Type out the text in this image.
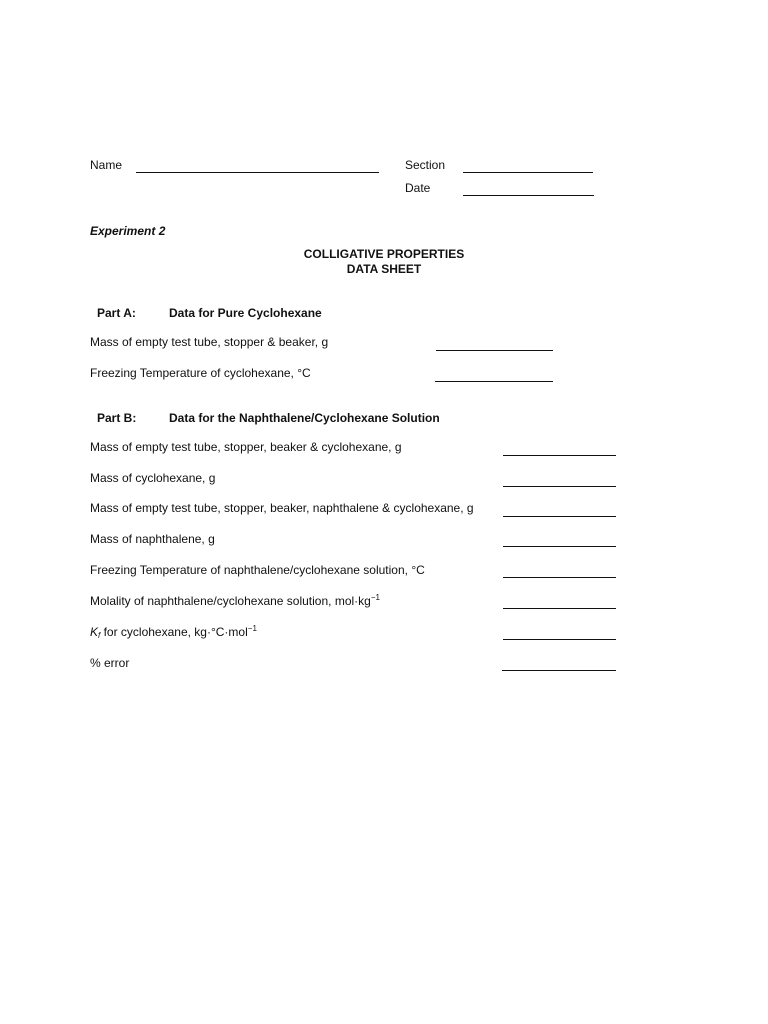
Name	Section
Date
Experiment 2
COLLIGATIVE PROPERTIES
DATA SHEET
Part A:	Data for Pure Cyclohexane
Mass of empty test tube, stopper & beaker, g
Freezing Temperature of cyclohexane, °C
Part B:	Data for the Naphthalene/Cyclohexane Solution
Mass of empty test tube, stopper, beaker & cyclohexane, g
Mass of cyclohexane, g
Mass of empty test tube, stopper, beaker, naphthalene & cyclohexane, g
Mass of naphthalene, g
Freezing Temperature of naphthalene/cyclohexane solution, °C
Molality of naphthalene/cyclohexane solution, $mol\cdot kg^{-1}$
$K_f$ for cyclohexane, kg·°C·mol$^{-1}$
% error
